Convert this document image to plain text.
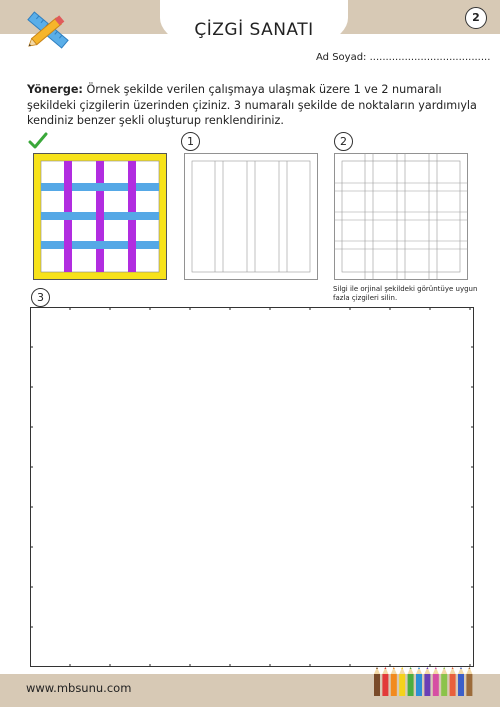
ÇİZGİ SANATI
2
Ad Soyad: ......................................
Yönerge: Örnek şekilde verilen çalışmaya ulaşmak üzere 1 ve 2 numaralı şekildeki çizgilerin üzerinden çiziniz. 3 numaralı şekilde de noktaların yardımıyla kendiniz benzer şekli oluşturup renklendiriniz.
1	2
Silgi ile orjinal şekildeki görüntüye uygun fazla çizgileri silin.
3
www.mbsunu.com
